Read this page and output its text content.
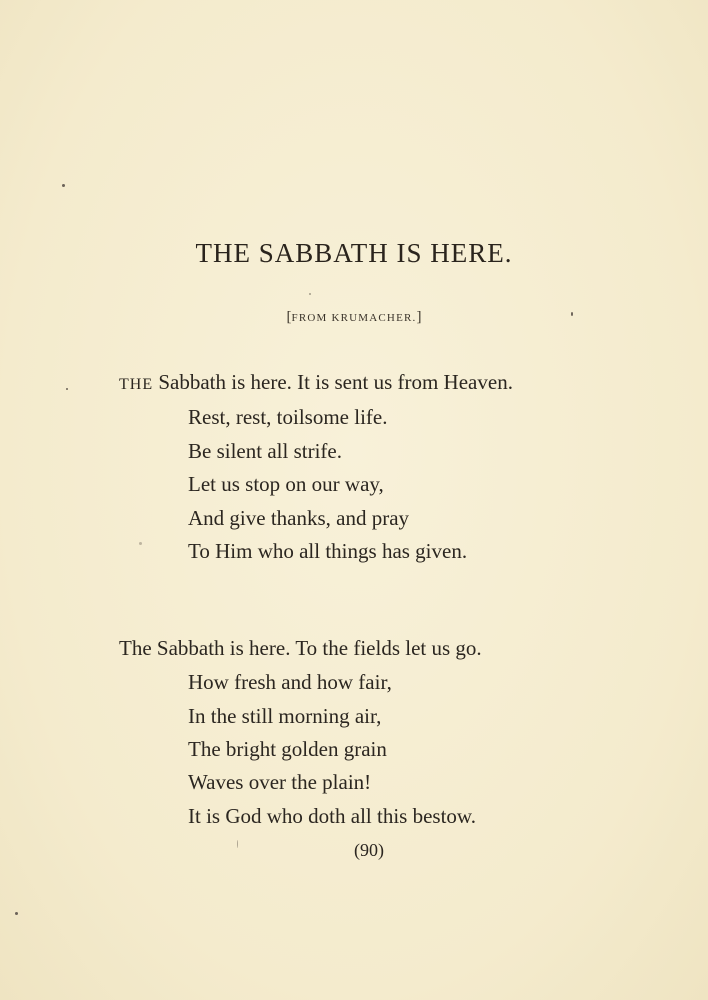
THE SABBATH IS HERE.
[FROM KRUMACHER.]
THE Sabbath is here. It is sent us from Heaven.
Rest, rest, toilsome life.
Be silent all strife.
Let us stop on our way,
And give thanks, and pray
To Him who all things has given.
The Sabbath is here. To the fields let us go.
How fresh and how fair,
In the still morning air,
The bright golden grain
Waves over the plain!
It is God who doth all this bestow.
(90)
